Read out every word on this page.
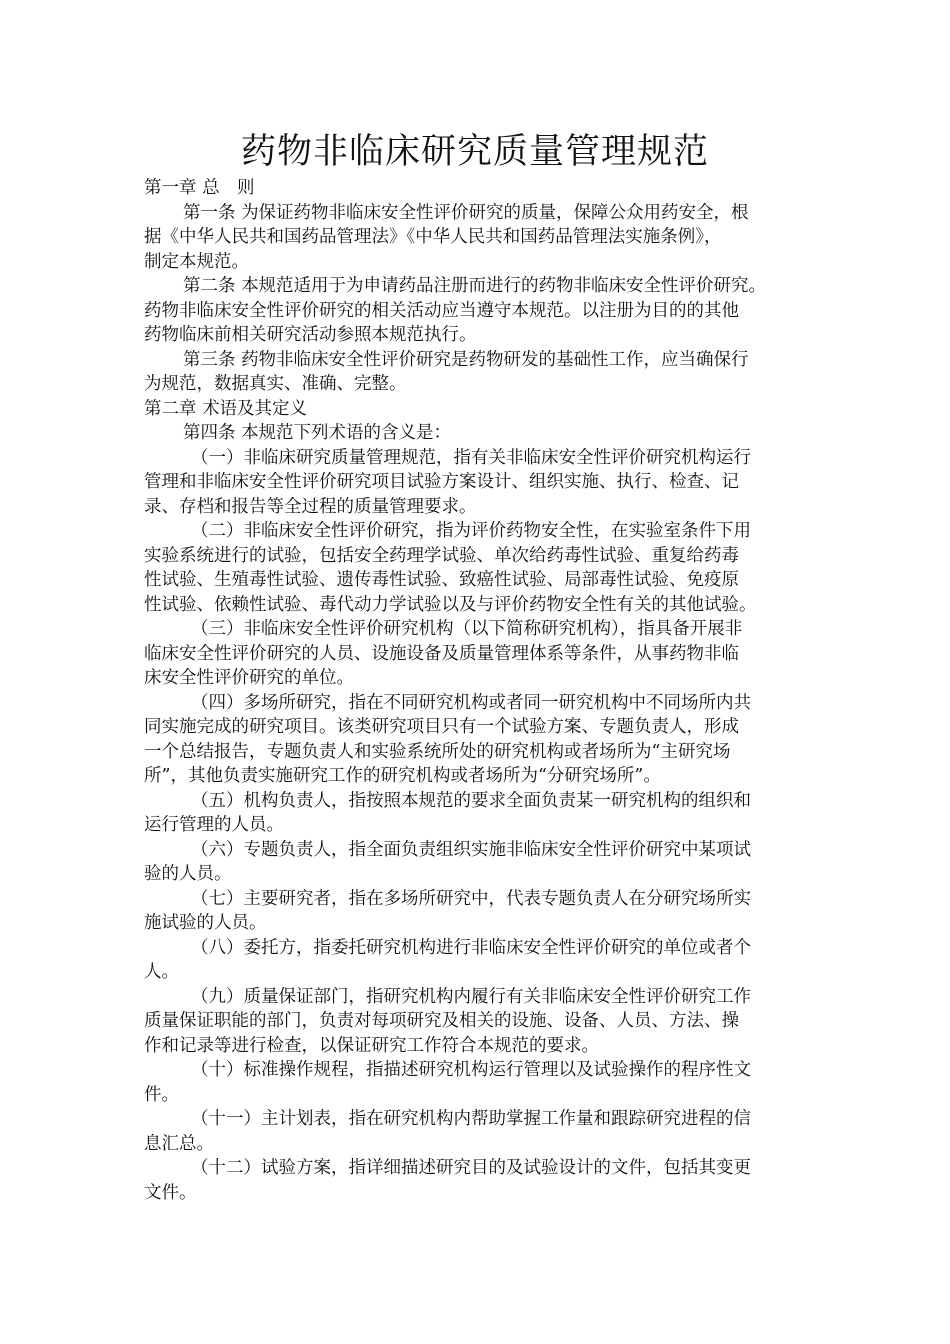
药物非临床研究质量管理规范
第一章 总　则
第一条 为保证药物非临床安全性评价研究的质量，保障公众用药安全，根
据《中华人民共和国药品管理法》《中华人民共和国药品管理法实施条例》，
制定本规范。
第二条 本规范适用于为申请药品注册而进行的药物非临床安全性评价研究。
药物非临床安全性评价研究的相关活动应当遵守本规范。以注册为目的的其他
药物临床前相关研究活动参照本规范执行。
第三条 药物非临床安全性评价研究是药物研发的基础性工作，应当确保行
为规范，数据真实、准确、完整。
第二章 术语及其定义
第四条 本规范下列术语的含义是：
（一）非临床研究质量管理规范，指有关非临床安全性评价研究机构运行
管理和非临床安全性评价研究项目试验方案设计、组织实施、执行、检查、记
录、存档和报告等全过程的质量管理要求。
（二）非临床安全性评价研究，指为评价药物安全性，在实验室条件下用
实验系统进行的试验，包括安全药理学试验、单次给药毒性试验、重复给药毒
性试验、生殖毒性试验、遗传毒性试验、致癌性试验、局部毒性试验、免疫原
性试验、依赖性试验、毒代动力学试验以及与评价药物安全性有关的其他试验。
（三）非临床安全性评价研究机构（以下简称研究机构），指具备开展非
临床安全性评价研究的人员、设施设备及质量管理体系等条件，从事药物非临
床安全性评价研究的单位。
（四）多场所研究，指在不同研究机构或者同一研究机构中不同场所内共
同实施完成的研究项目。该类研究项目只有一个试验方案、专题负责人，形成
一个总结报告，专题负责人和实验系统所处的研究机构或者场所为“主研究场
所”，其他负责实施研究工作的研究机构或者场所为“分研究场所”。
（五）机构负责人，指按照本规范的要求全面负责某一研究机构的组织和
运行管理的人员。
（六）专题负责人，指全面负责组织实施非临床安全性评价研究中某项试
验的人员。
（七）主要研究者，指在多场所研究中，代表专题负责人在分研究场所实
施试验的人员。
（八）委托方，指委托研究机构进行非临床安全性评价研究的单位或者个
人。
（九）质量保证部门，指研究机构内履行有关非临床安全性评价研究工作
质量保证职能的部门，负责对每项研究及相关的设施、设备、人员、方法、操
作和记录等进行检查，以保证研究工作符合本规范的要求。
（十）标准操作规程，指描述研究机构运行管理以及试验操作的程序性文
件。
（十一）主计划表，指在研究机构内帮助掌握工作量和跟踪研究进程的信
息汇总。
（十二）试验方案，指详细描述研究目的及试验设计的文件，包括其变更
文件。
